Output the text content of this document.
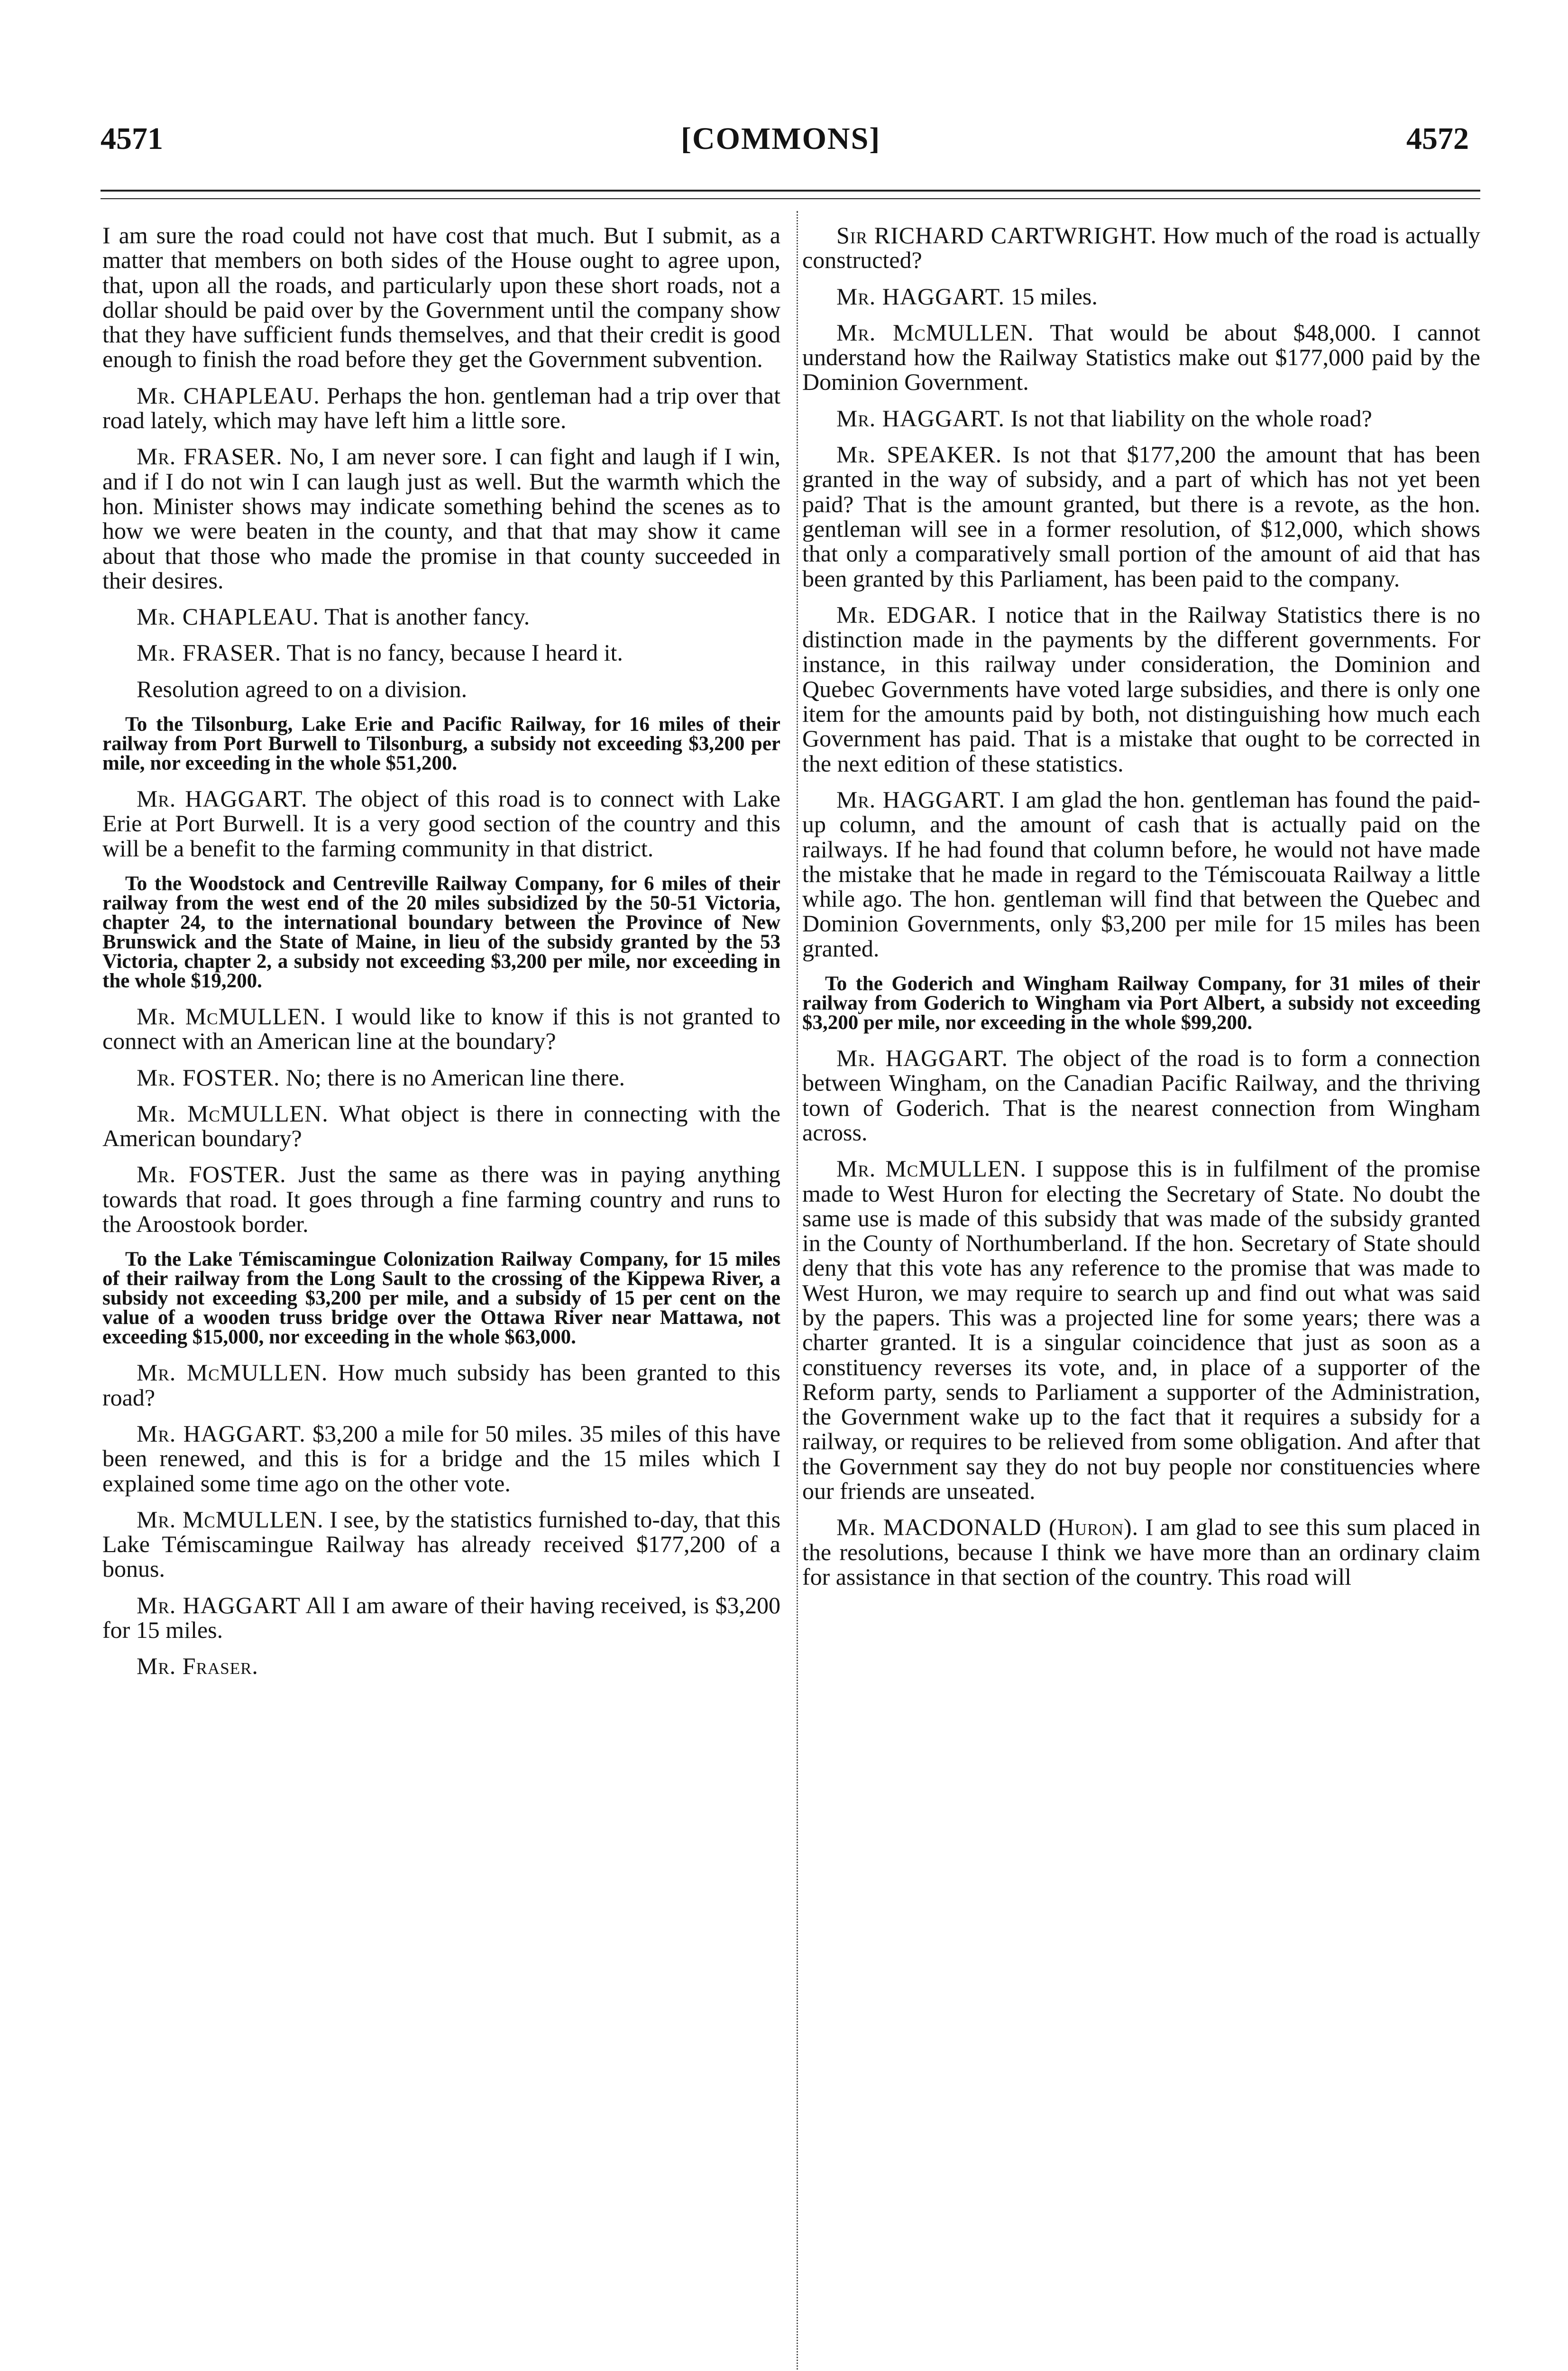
4571	[COMMONS]	4572

I am sure the road could not have cost that much. But I submit, as a matter that members on both sides of the House ought to agree upon, that, upon all the roads, and particularly upon these short roads, not a dollar should be paid over by the Government until the company show that they have sufficient funds themselves, and that their credit is good enough to finish the road before they get the Government subvention.

Mr. CHAPLEAU. Perhaps the hon. gentleman had a trip over that road lately, which may have left him a little sore.

Mr. FRASER. No, I am never sore. I can fight and laugh if I win, and if I do not win I can laugh just as well. But the warmth which the hon. Minister shows may indicate something behind the scenes as to how we were beaten in the county, and that that may show it came about that those who made the promise in that county succeeded in their desires.

Mr. CHAPLEAU. That is another fancy.

Mr. FRASER. That is no fancy, because I heard it.

Resolution agreed to on a division.

To the Tilsonburg, Lake Erie and Pacific Railway, for 16 miles of their railway from Port Burwell to Tilsonburg, a subsidy not exceeding $3,200 per mile, nor exceeding in the whole $51,200.

Mr. HAGGART. The object of this road is to connect with Lake Erie at Port Burwell. It is a very good section of the country and this will be a benefit to the farming community in that district.

To the Woodstock and Centreville Railway Company, for 6 miles of their railway from the west end of the 20 miles subsidized by the 50-51 Victoria, chapter 24, to the international boundary between the Province of New Brunswick and the State of Maine, in lieu of the subsidy granted by the 53 Victoria, chapter 2, a subsidy not exceeding $3,200 per mile, nor exceeding in the whole $19,200.

Mr. McMULLEN. I would like to know if this is not granted to connect with an American line at the boundary?

Mr. FOSTER. No; there is no American line there.

Mr. McMULLEN. What object is there in connecting with the American boundary?

Mr. FOSTER. Just the same as there was in paying anything towards that road. It goes through a fine farming country and runs to the Aroostook border.

To the Lake Témiscamingue Colonization Railway Company, for 15 miles of their railway from the Long Sault to the crossing of the Kippewa River, a subsidy not exceeding $3,200 per mile, and a subsidy of 15 per cent on the value of a wooden truss bridge over the Ottawa River near Mattawa, not exceeding $15,000, nor exceeding in the whole $63,000.

Mr. McMULLEN. How much subsidy has been granted to this road?

Mr. HAGGART. $3,200 a mile for 50 miles. 35 miles of this have been renewed, and this is for a bridge and the 15 miles which I explained some time ago on the other vote.

Mr. McMULLEN. I see, by the statistics furnished to-day, that this Lake Témiscamingue Railway has already received $177,200 of a bonus.

Mr. HAGGART All I am aware of their having received, is $3,200 for 15 miles.

Mr. Fraser.

Sir RICHARD CARTWRIGHT. How much of the road is actually constructed?

Mr. HAGGART. 15 miles.

Mr. McMULLEN. That would be about $48,000. I cannot understand how the Railway Statistics make out $177,000 paid by the Dominion Government.

Mr. HAGGART. Is not that liability on the whole road?

Mr. SPEAKER. Is not that $177,200 the amount that has been granted in the way of subsidy, and a part of which has not yet been paid? That is the amount granted, but there is a revote, as the hon. gentleman will see in a former resolution, of $12,000, which shows that only a comparatively small portion of the amount of aid that has been granted by this Parliament, has been paid to the company.

Mr. EDGAR. I notice that in the Railway Statistics there is no distinction made in the payments by the different governments. For instance, in this railway under consideration, the Dominion and Quebec Governments have voted large subsidies, and there is only one item for the amounts paid by both, not distinguishing how much each Government has paid. That is a mistake that ought to be corrected in the next edition of these statistics.

Mr. HAGGART. I am glad the hon. gentleman has found the paid-up column, and the amount of cash that is actually paid on the railways. If he had found that column before, he would not have made the mistake that he made in regard to the Témiscouata Railway a little while ago. The hon. gentleman will find that between the Quebec and Dominion Governments, only $3,200 per mile for 15 miles has been granted.

To the Goderich and Wingham Railway Company, for 31 miles of their railway from Goderich to Wingham via Port Albert, a subsidy not exceeding $3,200 per mile, nor exceeding in the whole $99,200.

Mr. HAGGART. The object of the road is to form a connection between Wingham, on the Canadian Pacific Railway, and the thriving town of Goderich. That is the nearest connection from Wingham across.

Mr. McMULLEN. I suppose this is in fulfilment of the promise made to West Huron for electing the Secretary of State. No doubt the same use is made of this subsidy that was made of the subsidy granted in the County of Northumberland. If the hon. Secretary of State should deny that this vote has any reference to the promise that was made to West Huron, we may require to search up and find out what was said by the papers. This was a projected line for some years; there was a charter granted. It is a singular coincidence that just as soon as a constituency reverses its vote, and, in place of a supporter of the Reform party, sends to Parliament a supporter of the Administration, the Government wake up to the fact that it requires a subsidy for a railway, or requires to be relieved from some obligation. And after that the Government say they do not buy people nor constituencies where our friends are unseated.

Mr. MACDONALD (Huron). I am glad to see this sum placed in the resolutions, because I think we have more than an ordinary claim for assistance in that section of the country. This road will
